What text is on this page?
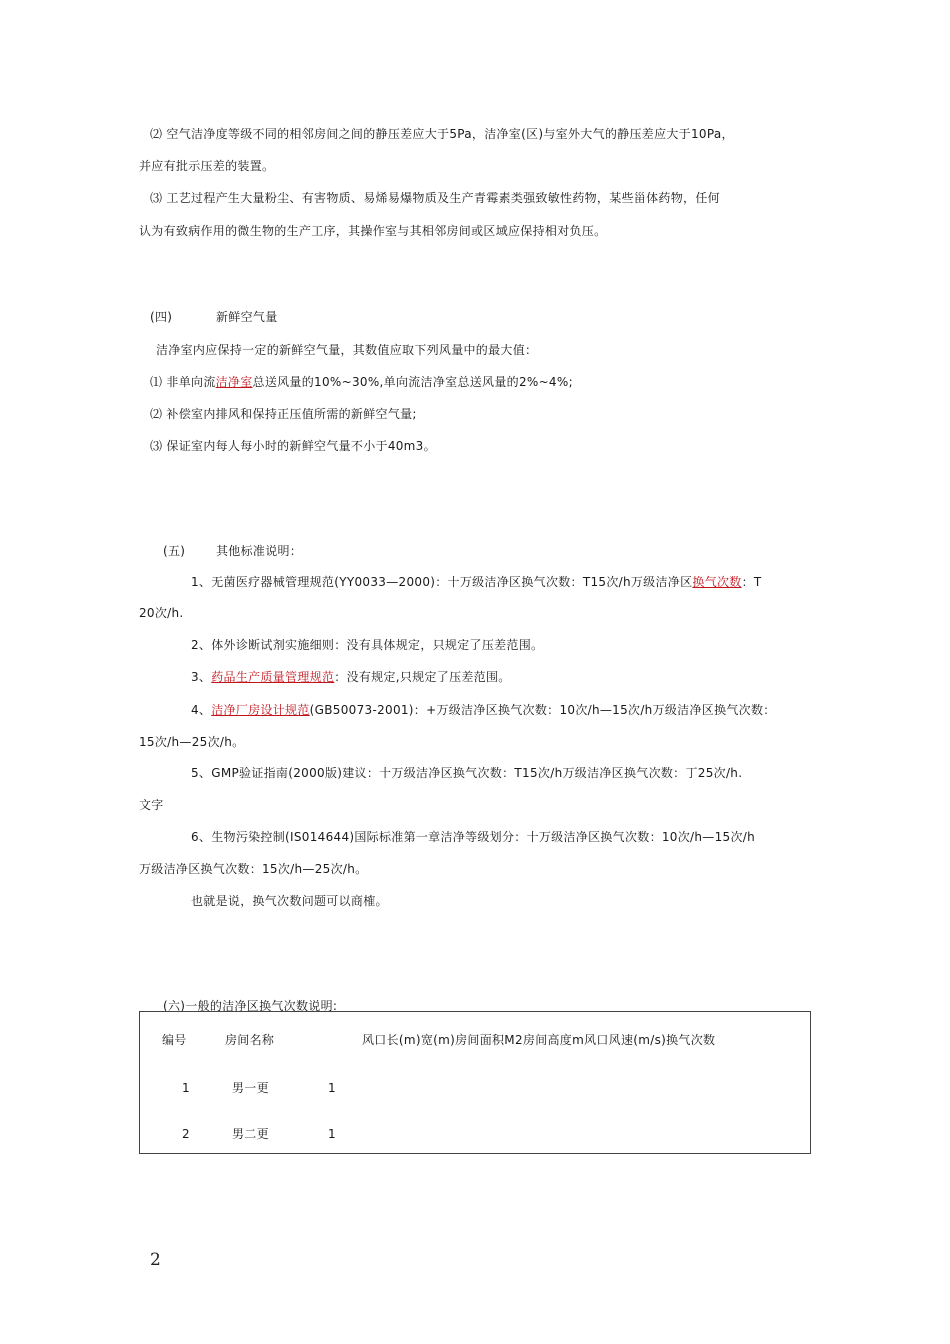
⑵ 空气洁净度等级不同的相邻房间之间的静压差应大于5Pa，洁净室(区)与室外大气的静压差应大于10Pa，
并应有批示压差的装置。
⑶ 工艺过程产生大量粉尘、有害物质、易烯易爆物质及生产青霉素类强致敏性药物，某些甾体药物，任何
认为有致病作用的微生物的生产工序，其操作室与其相邻房间或区域应保持相对负压。
(四)	新鲜空气量
洁净室内应保持一定的新鲜空气量，其数值应取下列风量中的最大值：
⑴ 非单向流洁净室总送风量的10%~30%,单向流洁净室总送风量的2%~4%;
⑵ 补偿室内排风和保持正压值所需的新鲜空气量;
⑶ 保证室内每人每小时的新鲜空气量不小于40m3。
(五)	其他标准说明：
1、无菌医疗器械管理规范(YY0033—2000)：十万级洁净区换气次数：T15次/h万级洁净区换气次数：T
20次/h.
2、体外诊断试剂实施细则：没有具体规定，只规定了压差范围。
3、药品生产质量管理规范：没有规定,只规定了压差范围。
4、洁净厂房设计规范(GB50073-2001)：+万级洁净区换气次数：10次/h—15次/h万级洁净区换气次数：
15次/h—25次/h。
5、GMP验证指南(2000版)建议：十万级洁净区换气次数：T15次/h万级洁净区换气次数：丁25次/h.
文字
6、生物污染控制(IS014644)国际标准第一章洁净等级划分：十万级洁净区换气次数：10次/h—15次/h
万级洁净区换气次数：15次/h—25次/h。
也就是说，换气次数问题可以商榷。
(六)一般的洁净区换气次数说明:
编号	房间名称	风口长(m)宽(m)房间面积M2房间高度m风口风速(m/s)换气次数
1	男一更	1
2	男二更	1
2
